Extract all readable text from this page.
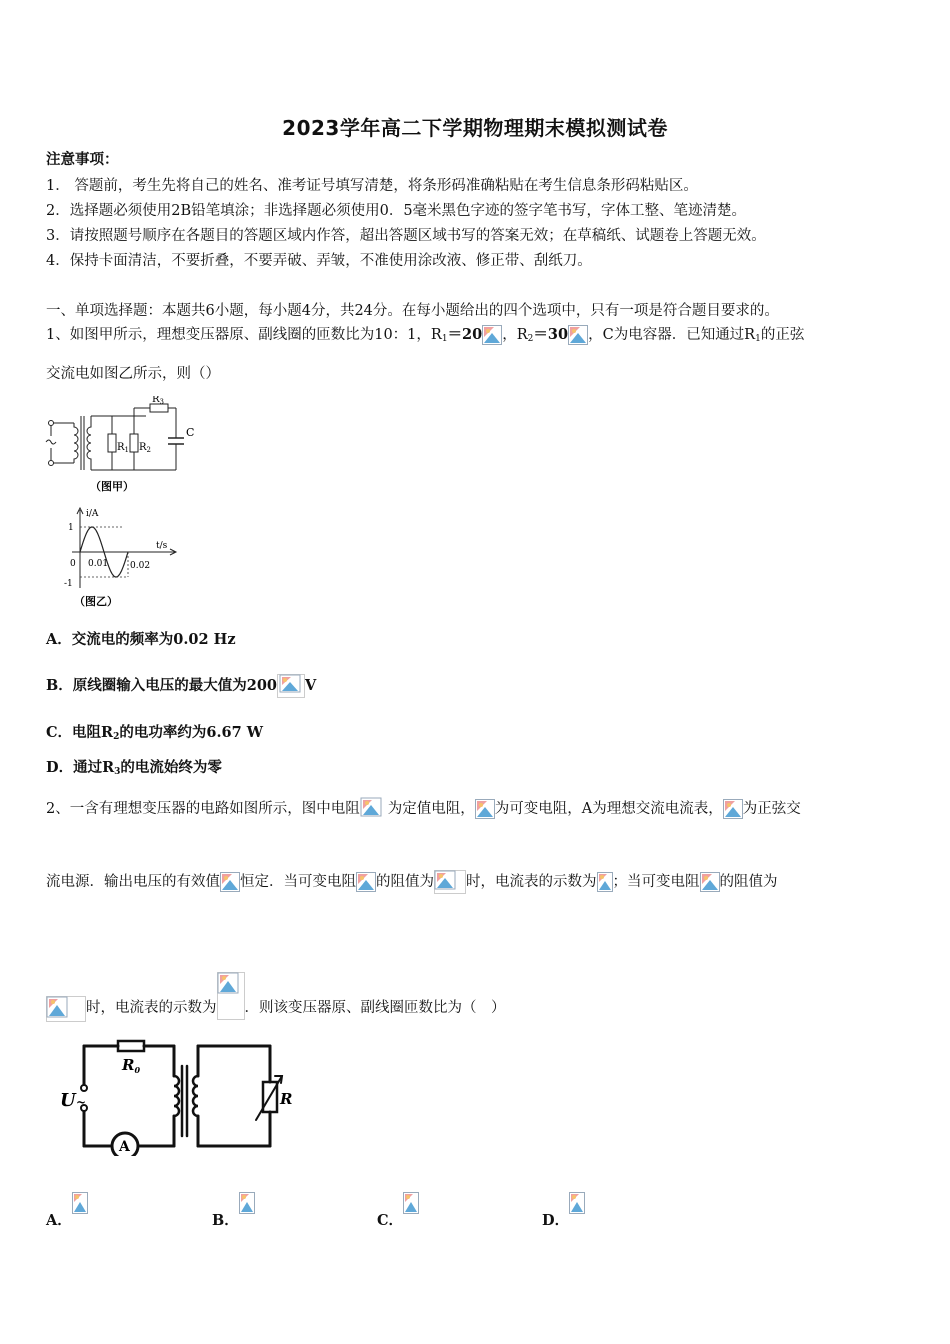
2023学年高二下学期物理期末模拟测试卷
注意事项：
1． 答题前，考生先将自己的姓名、准考证号填写清楚，将条形码准确粘贴在考生信息条形码粘贴区。
2．选择题必须使用2B铅笔填涂；非选择题必须使用0．5毫米黑色字迹的签字笔书写，字体工整、笔迹清楚。
3．请按照题号顺序在各题目的答题区域内作答，超出答题区域书写的答案无效；在草稿纸、试题卷上答题无效。
4．保持卡面清洁，不要折叠，不要弄破、弄皱，不准使用涂改液、修正带、刮纸刀。
一、单项选择题：本题共6小题，每小题4分，共24分。在每小题给出的四个选项中，只有一项是符合题目要求的。
1、如图甲所示，理想变压器原、副线圈的匝数比为10：1，$R_1=20$ ，$R_2=30$ ，C为电容器．已知通过$R_1$的正弦
交流电如图乙所示，则（）
$R_3$
$R_1$ $R_2$
C
（图甲）
i/A
t/s
1
0
-1
0.01 0.02
（图乙）
A．交流电的频率为0.02 Hz
B．原线圈输入电压的最大值为200 V
C．电阻$R_2$的电功率约为6.67 W
D．通过$R_3$的电流始终为零
2、一含有理想变压器的电路如图所示，图中电阻 为定值电阻， 为可变电阻，A为理想交流电流表， 为正弦交
流电源．输出电压的有效值 恒定．当可变电阻 的阻值为 时，电流表的示数为 ；当可变电阻 的阻值为
时，电流表的示数为 ．则该变压器原、副线圈匝数比为（　）
A
U ~
$R_0$
R
A．	B．	C．	D．
